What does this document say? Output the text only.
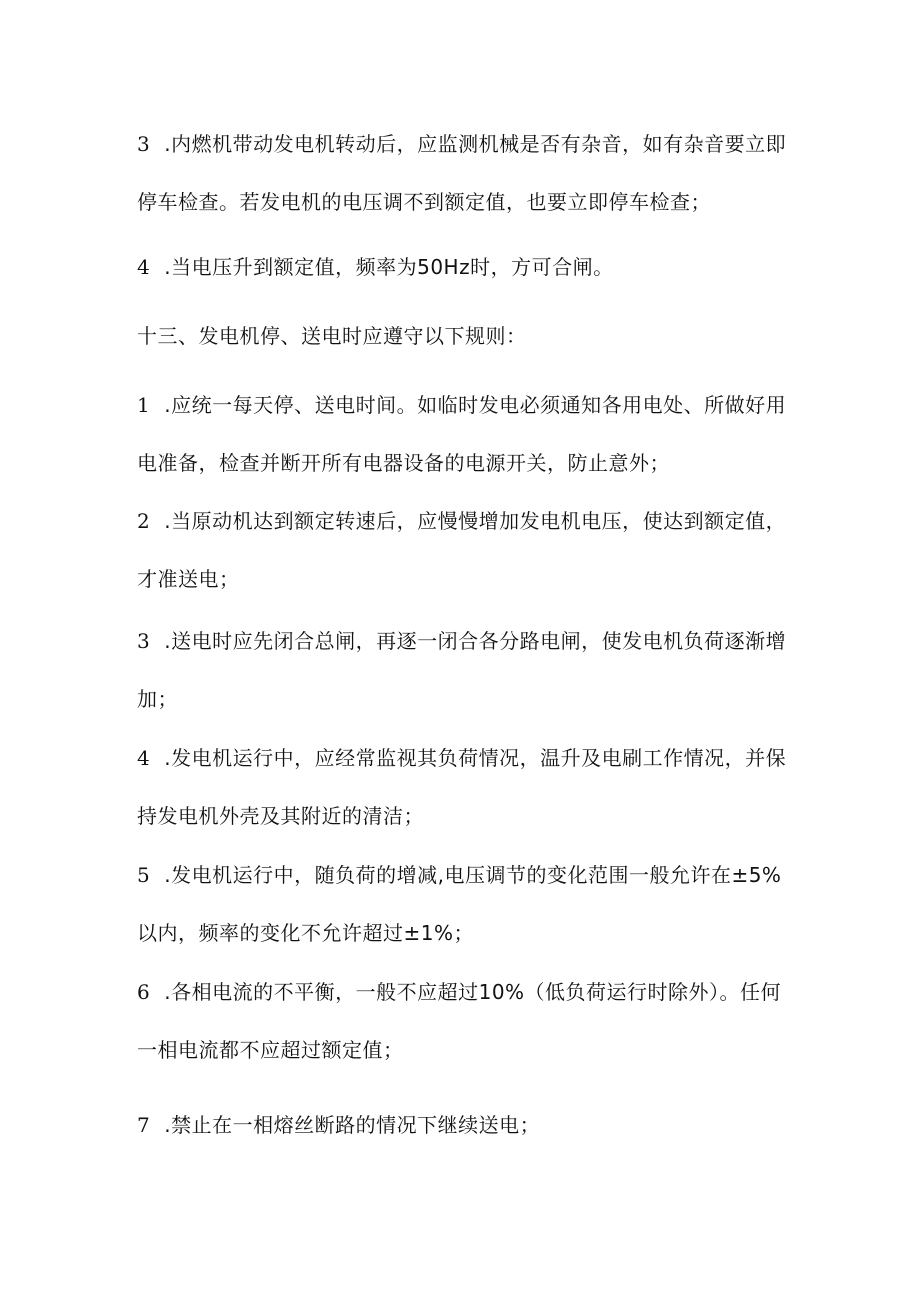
3 .内燃机带动发电机转动后，应监测机械是否有杂音，如有杂音要立即停车检查。若发电机的电压调不到额定值，也要立即停车检查；

4 .当电压升到额定值，频率为50Hz时，方可合闸。

十三、发电机停、送电时应遵守以下规则：

1 .应统一每天停、送电时间。如临时发电必须通知各用电处、所做好用电准备，检查并断开所有电器设备的电源开关，防止意外；

2 .当原动机达到额定转速后，应慢慢增加发电机电压，使达到额定值，才准送电；

3 .送电时应先闭合总闸，再逐一闭合各分路电闸，使发电机负荷逐渐增加；

4 .发电机运行中，应经常监视其负荷情况，温升及电刷工作情况，并保持发电机外壳及其附近的清洁；

5 .发电机运行中，随负荷的增减,电压调节的变化范围一般允许在±5%以内，频率的变化不允许超过±1%；

6 .各相电流的不平衡，一般不应超过10%（低负荷运行时除外）。任何一相电流都不应超过额定值；

7 .禁止在一相熔丝断路的情况下继续送电；
